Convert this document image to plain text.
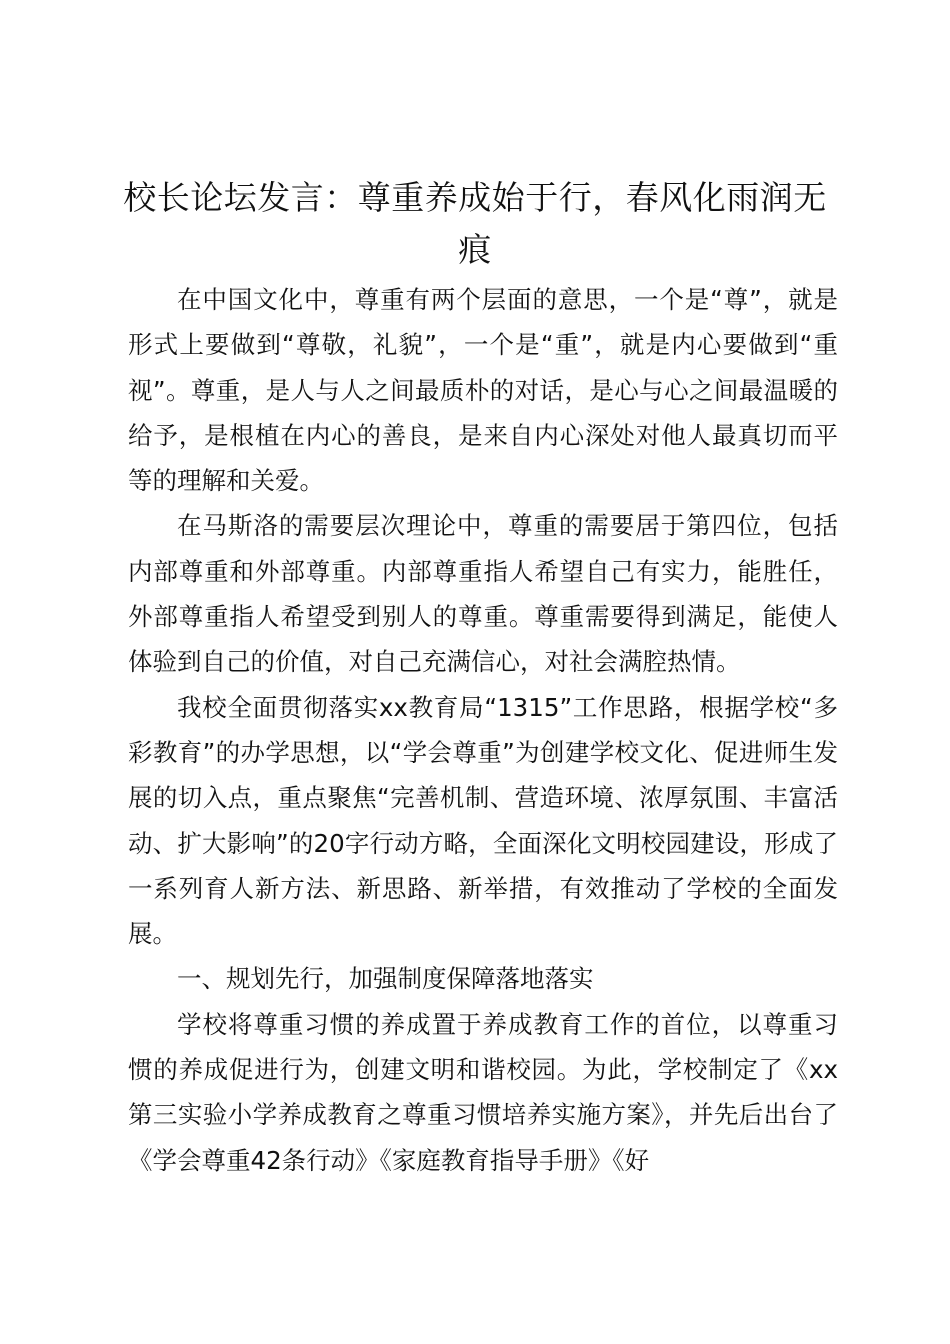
校长论坛发言：尊重养成始于行，春风化雨润无痕

在中国文化中，尊重有两个层面的意思，一个是“尊”，就是形式上要做到“尊敬，礼貌”，一个是“重”，就是内心要做到“重视”。尊重，是人与人之间最质朴的对话，是心与心之间最温暖的给予，是根植在内心的善良，是来自内心深处对他人最真切而平等的理解和关爱。

在马斯洛的需要层次理论中，尊重的需要居于第四位，包括内部尊重和外部尊重。内部尊重指人希望自己有实力，能胜任，外部尊重指人希望受到别人的尊重。尊重需要得到满足，能使人体验到自己的价值，对自己充满信心，对社会满腔热情。

我校全面贯彻落实xx教育局“1315”工作思路，根据学校“多彩教育”的办学思想，以“学会尊重”为创建学校文化、促进师生发展的切入点，重点聚焦“完善机制、营造环境、浓厚氛围、丰富活动、扩大影响”的20字行动方略，全面深化文明校园建设，形成了一系列育人新方法、新思路、新举措，有效推动了学校的全面发展。

一、规划先行，加强制度保障落地落实

学校将尊重习惯的养成置于养成教育工作的首位，以尊重习惯的养成促进行为，创建文明和谐校园。为此，学校制定了《xx第三实验小学养成教育之尊重习惯培养实施方案》，并先后出台了《学会尊重42条行动》《家庭教育指导手册》《好
